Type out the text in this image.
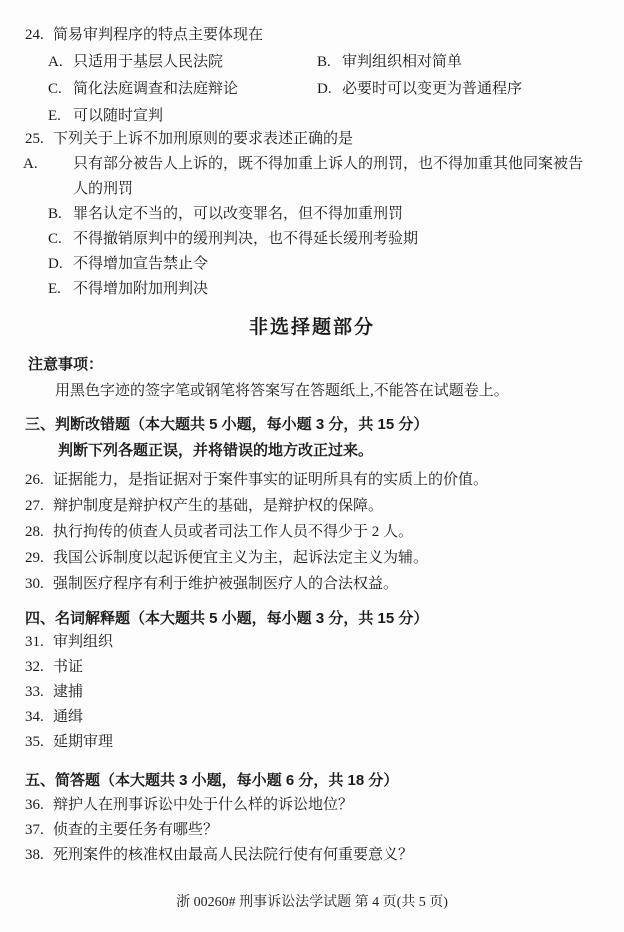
24. 简易审判程序的特点主要体现在
A. 只适用于基层人民法院	B. 审判组织相对简单
C. 简化法庭调查和法庭辩论	D. 必要时可以变更为普通程序
E. 可以随时宣判
25. 下列关于上诉不加刑原则的要求表述正确的是
A. 只有部分被告人上诉的，既不得加重上诉人的刑罚，也不得加重其他同案被告人的刑罚
B. 罪名认定不当的，可以改变罪名，但不得加重刑罚
C. 不得撤销原判中的缓刑判决，也不得延长缓刑考验期
D. 不得增加宣告禁止令
E. 不得增加附加刑判决
非选择题部分
注意事项：
用黑色字迹的签字笔或钢笔将答案写在答题纸上,不能答在试题卷上。
三、判断改错题（本大题共 5 小题，每小题 3 分，共 15 分）
判断下列各题正误，并将错误的地方改正过来。
26. 证据能力，是指证据对于案件事实的证明所具有的实质上的价值。
27. 辩护制度是辩护权产生的基础，是辩护权的保障。
28. 执行拘传的侦查人员或者司法工作人员不得少于 2 人。
29. 我国公诉制度以起诉便宜主义为主，起诉法定主义为辅。
30. 强制医疗程序有利于维护被强制医疗人的合法权益。
四、名词解释题（本大题共 5 小题，每小题 3 分，共 15 分）
31. 审判组织
32. 书证
33. 逮捕
34. 通缉
35. 延期审理
五、简答题（本大题共 3 小题，每小题 6 分，共 18 分）
36. 辩护人在刑事诉讼中处于什么样的诉讼地位？
37. 侦查的主要任务有哪些？
38. 死刑案件的核准权由最高人民法院行使有何重要意义？
浙 00260# 刑事诉讼法学试题 第 4 页(共 5 页)
